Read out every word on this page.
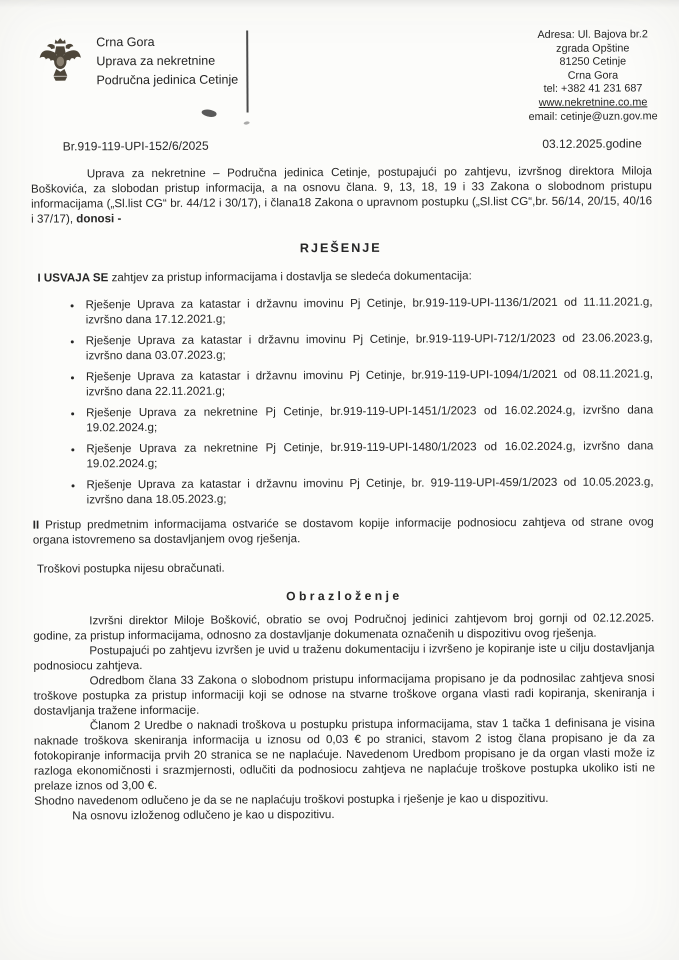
Crna Gora
Uprava za nekretnine
Područna jedinica Cetinje
Adresa: Ul. Bajova br.2
zgrada Opštine
81250 Cetinje
Crna Gora
tel: +382 41 231 687
www.nekretnine.co.me
email: cetinje@uzn.gov.me
Br.919-119-UPI-152/6/2025	03.12.2025.godine

Uprava za nekretnine – Područna jedinica Cetinje, postupajući po zahtjevu, izvršnog direktora Miloja Boškovića, za slobodan pristup informacija, a na osnovu člana. 9, 13, 18, 19 i 33 Zakona o slobodnom pristupu informacijama („Sl.list CG“ br. 44/12 i 30/17), i člana18 Zakona o upravnom postupku („Sl.list CG“,br. 56/14, 20/15, 40/16 i 37/17), donosi -

RJEŠENJE

I USVAJA SE zahtjev za pristup informacijama i dostavlja se sledeća dokumentacija:

• Rješenje Uprava za katastar i državnu imovinu Pj Cetinje, br.919-119-UPI-1136/1/2021 od 11.11.2021.g, izvršno dana 17.12.2021.g;
• Rješenje Uprava za katastar i državnu imovinu Pj Cetinje, br.919-119-UPI-712/1/2023 od 23.06.2023.g, izvršno dana 03.07.2023.g;
• Rješenje Uprava za katastar i državnu imovinu Pj Cetinje, br.919-119-UPI-1094/1/2021 od 08.11.2021.g, izvršno dana 22.11.2021.g;
• Rješenje Uprava za nekretnine Pj Cetinje, br.919-119-UPI-1451/1/2023 od 16.02.2024.g, izvršno dana 19.02.2024.g;
• Rješenje Uprava za nekretnine Pj Cetinje, br.919-119-UPI-1480/1/2023 od 16.02.2024.g, izvršno dana 19.02.2024.g;
• Rješenje Uprava za katastar i državnu imovinu Pj Cetinje, br. 919-119-UPI-459/1/2023 od 10.05.2023.g, izvršno dana 18.05.2023.g;

II Pristup predmetnim informacijama ostvariće se dostavom kopije informacije podnosiocu zahtjeva od strane ovog organa istovremeno sa dostavljanjem ovog rješenja.

Troškovi postupka nijesu obračunati.

O b r a z l o ž e n j e

Izvršni direktor Miloje Bošković, obratio se ovoj Područnoj jedinici zahtjevom broj gornji od 02.12.2025. godine, za pristup informacijama, odnosno za dostavljanje dokumenata označenih u dispozitivu ovog rješenja.

Postupajući po zahtjevu izvršen je uvid u traženu dokumentaciju i izvršeno je kopiranje iste u cilju dostavljanja podnosiocu zahtjeva.

Odredbom člana 33 Zakona o slobodnom pristupu informacijama propisano je da podnosilac zahtjeva snosi troškove postupka za pristup informaciji koji se odnose na stvarne troškove organa vlasti radi kopiranja, skeniranja i dostavljanja tražene informacije.

Članom 2 Uredbe o naknadi troškova u postupku pristupa informacijama, stav 1 tačka 1 definisana je visina naknade troškova skeniranja informacija u iznosu od 0,03 € po stranici, stavom 2 istog člana propisano je da za fotokopiranje informacija prvih 20 stranica se ne naplaćuje. Navedenom Uredbom propisano je da organ vlasti može iz razloga ekonomičnosti i srazmjernosti, odlučiti da podnosiocu zahtjeva ne naplaćuje troškove postupka ukoliko isti ne prelaze iznos od 3,00 €.

Shodno navedenom odlučeno je da se ne naplaćuju troškovi postupka i rješenje je kao u dispozitivu.

Na osnovu izloženog odlučeno je kao u dispozitivu.
